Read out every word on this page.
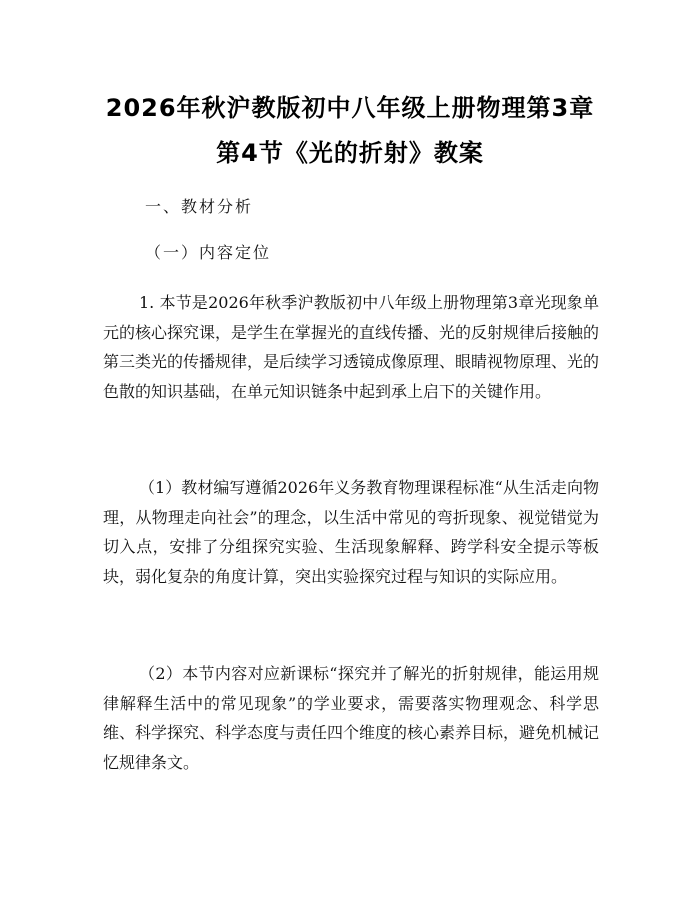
2026年秋沪教版初中八年级上册物理第3章
第4节《光的折射》教案
一、教材分析
（一）内容定位
1. 本节是2026年秋季沪教版初中八年级上册物理第3章光现象单元的核心探究课，是学生在掌握光的直线传播、光的反射规律后接触的第三类光的传播规律，是后续学习透镜成像原理、眼睛视物原理、光的色散的知识基础，在单元知识链条中起到承上启下的关键作用。
（1）教材编写遵循2026年义务教育物理课程标准“从生活走向物理，从物理走向社会”的理念，以生活中常见的弯折现象、视觉错觉为切入点，安排了分组探究实验、生活现象解释、跨学科安全提示等板块，弱化复杂的角度计算，突出实验探究过程与知识的实际应用。
（2）本节内容对应新课标“探究并了解光的折射规律，能运用规律解释生活中的常见现象”的学业要求，需要落实物理观念、科学思维、科学探究、科学态度与责任四个维度的核心素养目标，避免机械记忆规律条文。
